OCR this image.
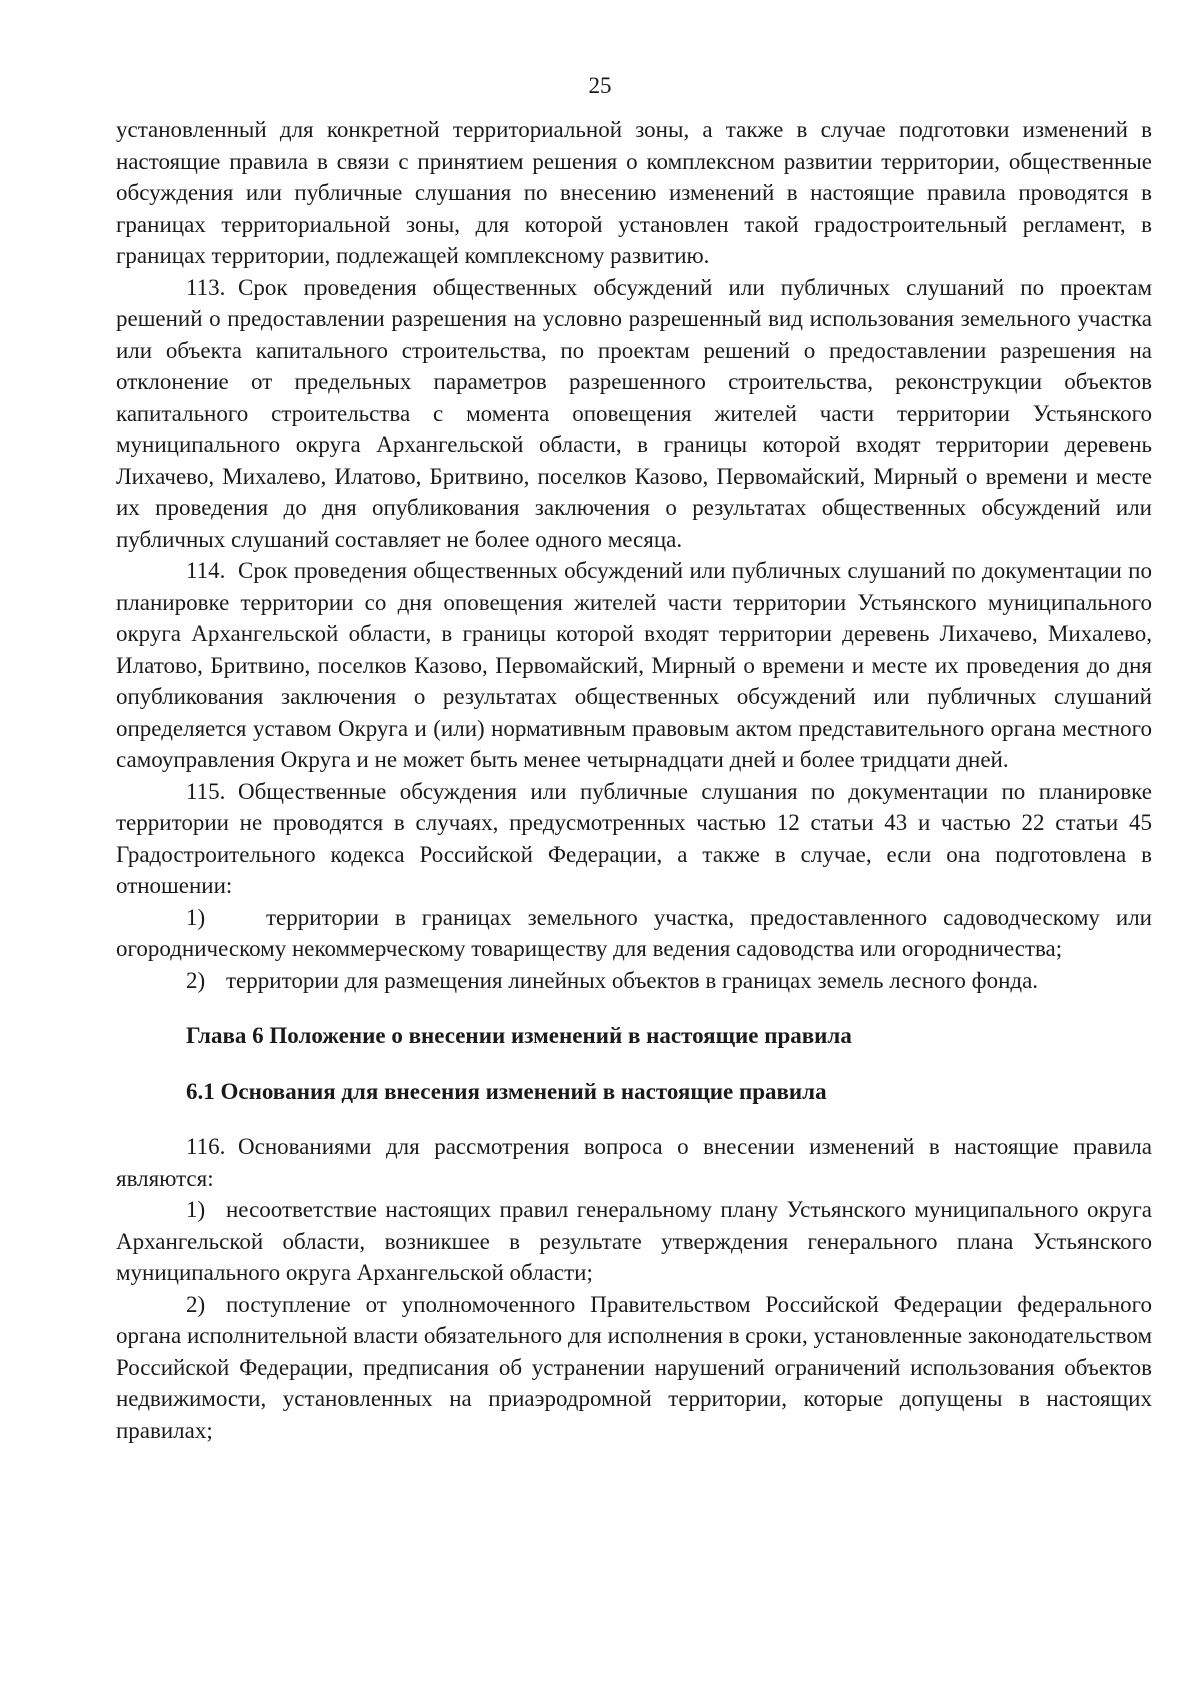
25

установленный для конкретной территориальной зоны, а также в случае подготовки изменений в настоящие правила в связи с принятием решения о комплексном развитии территории, общественные обсуждения или публичные слушания по внесению изменений в настоящие правила проводятся в границах территориальной зоны, для которой установлен такой градостроительный регламент, в границах территории, подлежащей комплексному развитию.

113. Срок проведения общественных обсуждений или публичных слушаний по проектам решений о предоставлении разрешения на условно разрешенный вид использования земельного участка или объекта капитального строительства, по проектам решений о предоставлении разрешения на отклонение от предельных параметров разрешенного строительства, реконструкции объектов капитального строительства с момента оповещения жителей части территории Устьянского муниципального округа Архангельской области, в границы которой входят территории деревень Лихачево, Михалево, Илатово, Бритвино, поселков Казово, Первомайский, Мирный о времени и месте их проведения до дня опубликования заключения о результатах общественных обсуждений или публичных слушаний составляет не более одного месяца.

114. Срок проведения общественных обсуждений или публичных слушаний по документации по планировке территории со дня оповещения жителей части территории Устьянского муниципального округа Архангельской области, в границы которой входят территории деревень Лихачево, Михалево, Илатово, Бритвино, поселков Казово, Первомайский, Мирный о времени и месте их проведения до дня опубликования заключения о результатах общественных обсуждений или публичных слушаний определяется уставом Округа и (или) нормативным правовым актом представительного органа местного самоуправления Округа и не может быть менее четырнадцати дней и более тридцати дней.

115. Общественные обсуждения или публичные слушания по документации по планировке территории не проводятся в случаях, предусмотренных частью 12 статьи 43 и частью 22 статьи 45 Градостроительного кодекса Российской Федерации, а также в случае, если она подготовлена в отношении:

1)	территории в границах земельного участка, предоставленного садоводческому или огородническому некоммерческому товариществу для ведения садоводства или огородничества;

2) территории для размещения линейных объектов в границах земель лесного фонда.

Глава 6 Положение о внесении изменений в настоящие правила

6.1 Основания для внесения изменений в настоящие правила

116. Основаниями для рассмотрения вопроса о внесении изменений в настоящие правила являются:

1) несоответствие настоящих правил генеральному плану Устьянского муниципального округа Архангельской области, возникшее в результате утверждения генерального плана Устьянского муниципального округа Архангельской области;

2) поступление от уполномоченного Правительством Российской Федерации федерального органа исполнительной власти обязательного для исполнения в сроки, установленные законодательством Российской Федерации, предписания об устранении нарушений ограничений использования объектов недвижимости, установленных на приаэродромной территории, которые допущены в настоящих правилах;
